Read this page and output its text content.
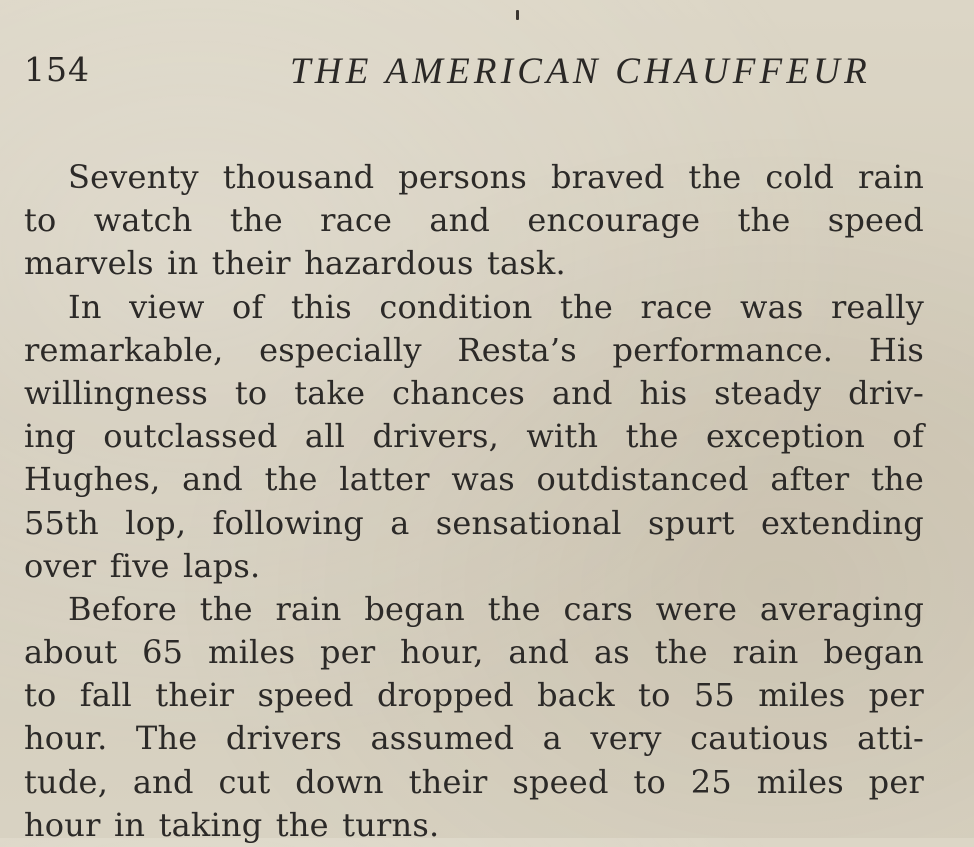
154	THE AMERICAN CHAUFFEUR
Seventy thousand persons braved the cold rain
to watch the race and encourage the speed
marvels in their hazardous task.
In view of this condition the race was really
remarkable, especially Resta’s performance. His
willingness to take chances and his steady driv-
ing outclassed all drivers, with the exception of
Hughes, and the latter was outdistanced after the
55th lop, following a sensational spurt extending
over five laps.
Before the rain began the cars were averaging
about 65 miles per hour, and as the rain began
to fall their speed dropped back to 55 miles per
hour. The drivers assumed a very cautious atti-
tude, and cut down their speed to 25 miles per
hour in taking the turns.
